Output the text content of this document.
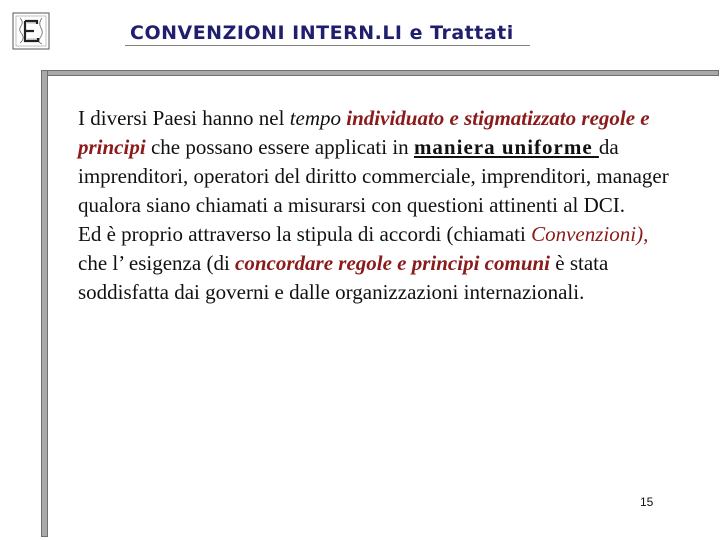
CONVENZIONI INTERN.LI e Trattati

I diversi Paesi hanno nel tempo individuato e stigmatizzato regole e principi che possano essere applicati in maniera uniforme da imprenditori, operatori del diritto commerciale, imprenditori, manager qualora siano chiamati a misurarsi con questioni attinenti al DCI.

Ed è proprio attraverso la stipula di accordi (chiamati Convenzioni), che l’ esigenza (di concordare regole e principi comuni è stata soddisfatta dai governi e dalle organizzazioni internazionali.

15
